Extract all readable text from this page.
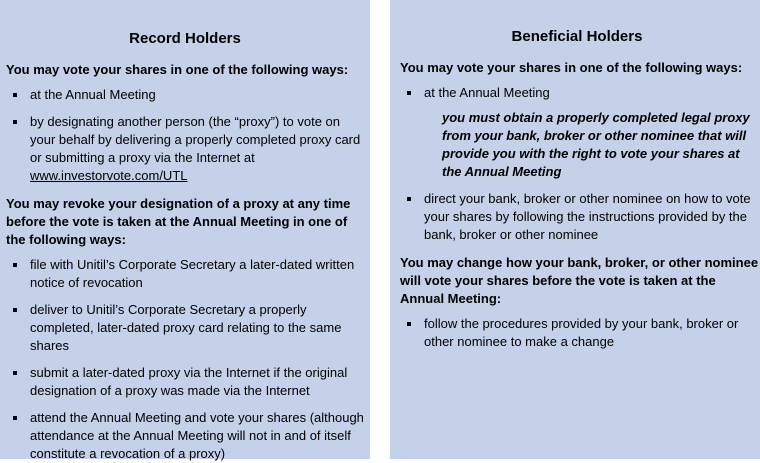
Record Holders
You may vote your shares in one of the following ways:
at the Annual Meeting
by designating another person (the “proxy”) to vote on your behalf by delivering a properly completed proxy card or submitting a proxy via the Internet at www.investorvote.com/UTL
You may revoke your designation of a proxy at any time before the vote is taken at the Annual Meeting in one of the following ways:
file with Unitil’s Corporate Secretary a later-dated written notice of revocation
deliver to Unitil’s Corporate Secretary a properly completed, later-dated proxy card relating to the same shares
submit a later-dated proxy via the Internet if the original designation of a proxy was made via the Internet
attend the Annual Meeting and vote your shares (although attendance at the Annual Meeting will not in and of itself constitute a revocation of a proxy)
Beneficial Holders
You may vote your shares in one of the following ways:
at the Annual Meeting
you must obtain a properly completed legal proxy from your bank, broker or other nominee that will provide you with the right to vote your shares at the Annual Meeting
direct your bank, broker or other nominee on how to vote your shares by following the instructions provided by the bank, broker or other nominee
You may change how your bank, broker, or other nominee will vote your shares before the vote is taken at the Annual Meeting:
follow the procedures provided by your bank, broker or other nominee to make a change
